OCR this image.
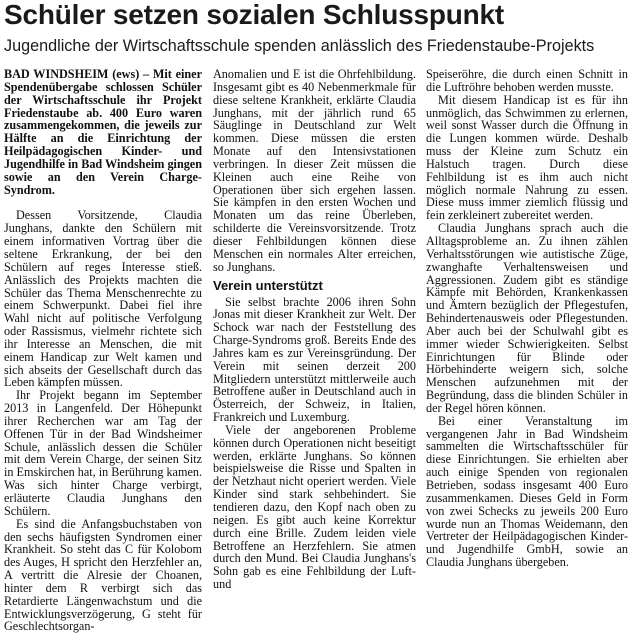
Schüler setzen sozialen Schlusspunkt
Jugendliche der Wirtschaftsschule spenden anlässlich des Friedenstaube-Projekts

BAD WINDSHEIM (ews) – Mit einer Spendenübergabe schlossen Schüler der Wirtschaftsschule ihr Projekt Friedenstaube ab. 400 Euro waren zusammengekommen, die jeweils zur Hälfte an die Einrichtung der Heilpädagogischen Kinder- und Jugendhilfe in Bad Windsheim gingen sowie an den Verein Charge-Syndrom.

Dessen Vorsitzende, Claudia Junghans, dankte den Schülern mit einem informativen Vortrag über die seltene Erkrankung, der bei den Schülern auf reges Interesse stieß. Anlässlich des Projekts machten die Schüler das Thema Menschenrechte zu einem Schwerpunkt. Dabei fiel ihre Wahl nicht auf politische Verfolgung oder Rassismus, vielmehr richtete sich ihr Interesse an Menschen, die mit einem Handicap zur Welt kamen und sich abseits der Gesellschaft durch das Leben kämpfen müssen.

Ihr Projekt begann im September 2013 in Langenfeld. Der Höhepunkt ihrer Recherchen war am Tag der Offenen Tür in der Bad Windsheimer Schule, anlässlich dessen die Schüler mit dem Verein Charge, der seinen Sitz in Emskirchen hat, in Berührung kamen. Was sich hinter Charge verbirgt, erläuterte Claudia Junghans den Schülern.

Es sind die Anfangsbuchstaben von den sechs häufigsten Syndromen einer Krankheit. So steht das C für Kolobom des Auges, H spricht den Herzfehler an, A vertritt die Alresie der Choanen, hinter dem R verbirgt sich das Retardierte Längenwachstum und die Entwicklungsverzögerung, G steht für Geschlechtsorgan-

Anomalien und E ist die Ohrfehlbildung. Insgesamt gibt es 40 Nebenmerkmale für diese seltene Krankheit, erklärte Claudia Junghans, mit der jährlich rund 65 Säuglinge in Deutschland zur Welt kommen. Diese müssen die ersten Monate auf den Intensivstationen verbringen. In dieser Zeit müssen die Kleinen auch eine Reihe von Operationen über sich ergehen lassen. Sie kämpfen in den ersten Wochen und Monaten um das reine Überleben, schilderte die Vereinsvorsitzende. Trotz dieser Fehlbildungen können diese Menschen ein normales Alter erreichen, so Junghans.

Verein unterstützt

Sie selbst brachte 2006 ihren Sohn Jonas mit dieser Krankheit zur Welt. Der Schock war nach der Feststellung des Charge-Syndroms groß. Bereits Ende des Jahres kam es zur Vereinsgründung. Der Verein mit seinen derzeit 200 Mitgliedern unterstützt mittlerweile auch Betroffene außer in Deutschland auch in Österreich, der Schweiz, in Italien, Frankreich und Luxemburg.

Viele der angeborenen Probleme können durch Operationen nicht beseitigt werden, erklärte Junghans. So können beispielsweise die Risse und Spalten in der Netzhaut nicht operiert werden. Viele Kinder sind stark sehbehindert. Sie tendieren dazu, den Kopf nach oben zu neigen. Es gibt auch keine Korrektur durch eine Brille. Zudem leiden viele Betroffene an Herzfehlern. Sie atmen durch den Mund. Bei Claudia Junghans's Sohn gab es eine Fehlbildung der Luft- und

Speiseröhre, die durch einen Schnitt in die Luftröhre behoben werden musste.

Mit diesem Handicap ist es für ihn unmöglich, das Schwimmen zu erlernen, weil sonst Wasser durch die Öffnung in die Lungen kommen würde. Deshalb muss der Kleine zum Schutz ein Halstuch tragen. Durch diese Fehlbildung ist es ihm auch nicht möglich normale Nahrung zu essen. Diese muss immer ziemlich flüssig und fein zerkleinert zubereitet werden.

Claudia Junghans sprach auch die Alltagsprobleme an. Zu ihnen zählen Verhaltsstörungen wie autistische Züge, zwanghafte Verhaltensweisen und Aggressionen. Zudem gibt es ständige Kämpfe mit Behörden, Krankenkassen und Ämtern bezüglich der Pflegestufen, Behindertenausweis oder Pflegestunden. Aber auch bei der Schulwahl gibt es immer wieder Schwierigkeiten. Selbst Einrichtungen für Blinde oder Hörbehinderte weigern sich, solche Menschen aufzunehmen mit der Begründung, dass die blinden Schüler in der Regel hören können.

Bei einer Veranstaltung im vergangenen Jahr in Bad Windsheim sammelten die Wirtschaftsschüler für diese Einrichtungen. Sie erhielten aber auch einige Spenden von regionalen Betrieben, sodass insgesamt 400 Euro zusammenkamen. Dieses Geld in Form von zwei Schecks zu jeweils 200 Euro wurde nun an Thomas Weidemann, den Vertreter der Heilpädagogischen Kinder- und Jugendhilfe GmbH, sowie an Claudia Junghans übergeben.
